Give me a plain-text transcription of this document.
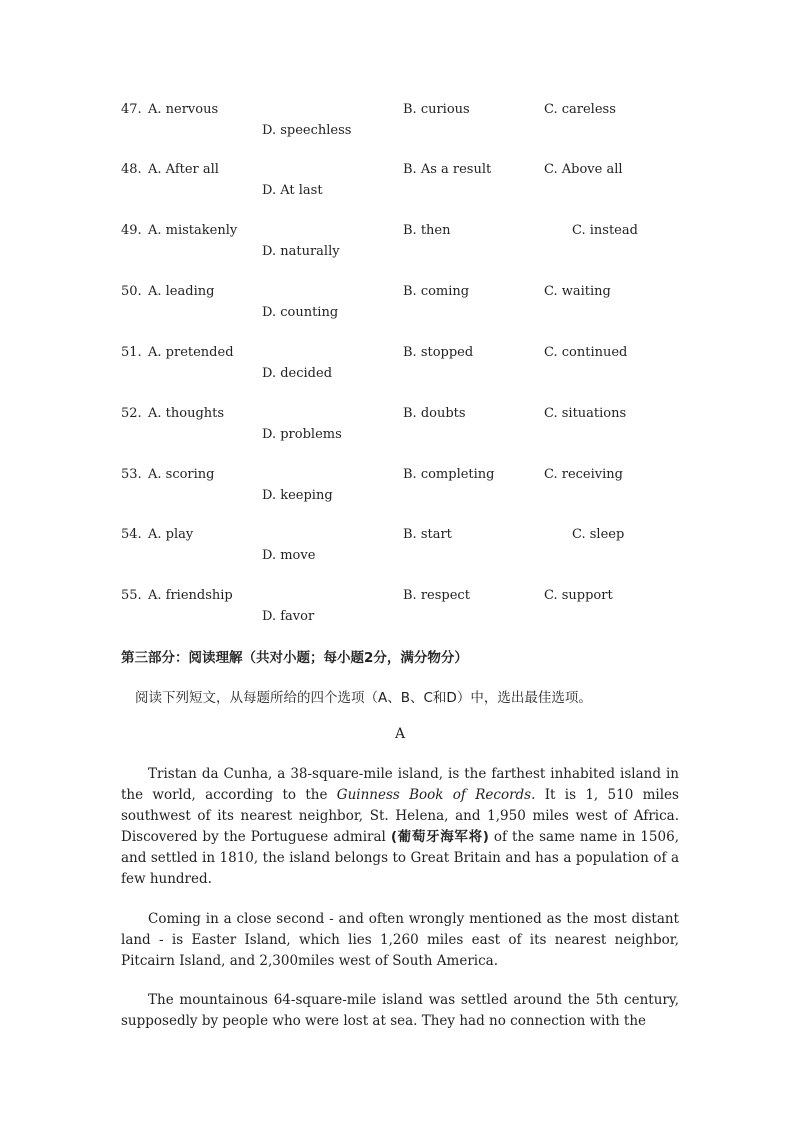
47. A. nervous	B. curious	C. careless
D. speechless
48. A. After all	B. As a result	C. Above all
D. At last
49. A. mistakenly	B. then	C. instead
D. naturally
50. A. leading	B. coming	C. waiting
D. counting
51. A. pretended	B. stopped	C. continued
D. decided
52. A. thoughts	B. doubts	C. situations
D. problems
53. A. scoring	B. completing	C. receiving
D. keeping
54. A. play	B. start	C. sleep
D. move
55. A. friendship	B. respect	C. support
D. favor
第三部分：阅读理解（共对小题；每小题2分，满分物分）
阅读下列短文，从每题所给的四个选项（A、B、C和D）中，选出最佳选项。
A
Tristan da Cunha, a 38-square-mile island, is the farthest inhabited island in the world, according to the Guinness Book of Records. It is 1, 510 miles southwest of its nearest neighbor, St. Helena, and 1,950 miles west of Africa. Discovered by the Portuguese admiral (葡萄牙海军将) of the same name in 1506, and settled in 1810, the island belongs to Great Britain and has a population of a few hundred.
Coming in a close second - and often wrongly mentioned as the most distant land - is Easter Island, which lies 1,260 miles east of its nearest neighbor, Pitcairn Island, and 2,300miles west of South America.
The mountainous 64-square-mile island was settled around the 5th century, supposedly by people who were lost at sea. They had no connection with the
